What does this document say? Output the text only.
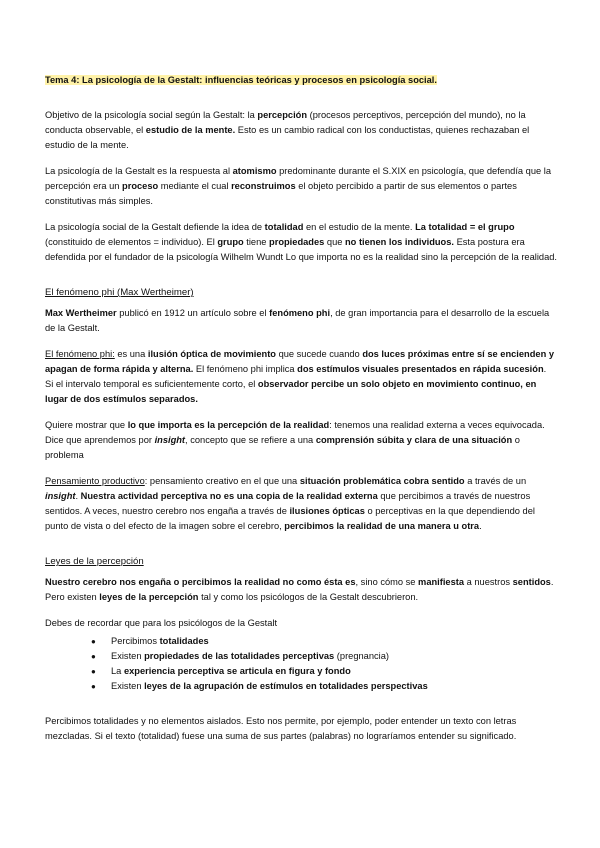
Tema 4: La psicología de la Gestalt: influencias teóricas y procesos en psicología social.

Objetivo de la psicología social según la Gestalt: la percepción (procesos perceptivos, percepción del mundo), no la conducta observable, el estudio de la mente. Esto es un cambio radical con los conductistas, quienes rechazaban el estudio de la mente.

La psicología de la Gestalt es la respuesta al atomismo predominante durante el S.XIX en psicología, que defendía que la percepción era un proceso mediante el cual reconstruimos el objeto percibido a partir de sus elementos o partes constitutivas más simples.

La psicología social de la Gestalt defiende la idea de totalidad en el estudio de la mente. La totalidad = el grupo (constituido de elementos = individuo). El grupo tiene propiedades que no tienen los individuos. Esta postura era defendida por el fundador de la psicología Wilhelm Wundt Lo que importa no es la realidad sino la percepción de la realidad.

El fenómeno phi (Max Wertheimer)

Max Wertheimer publicó en 1912 un artículo sobre el fenómeno phi, de gran importancia para el desarrollo de la escuela de la Gestalt.

El fenómeno phi: es una ilusión óptica de movimiento que sucede cuando dos luces próximas entre sí se encienden y apagan de forma rápida y alterna. El fenómeno phi implica dos estímulos visuales presentados en rápida sucesión. Si el intervalo temporal es suficientemente corto, el observador percibe un solo objeto en movimiento continuo, en lugar de dos estímulos separados.

Quiere mostrar que lo que importa es la percepción de la realidad: tenemos una realidad externa a veces equivocada. Dice que aprendemos por insight, concepto que se refiere a una comprensión súbita y clara de una situación o problema

Pensamiento productivo: pensamiento creativo en el que una situación problemática cobra sentido a través de un insight. Nuestra actividad perceptiva no es una copia de la realidad externa que percibimos a través de nuestros sentidos. A veces, nuestro cerebro nos engaña a través de ilusiones ópticas o perceptivas en la que dependiendo del punto de vista o del efecto de la imagen sobre el cerebro, percibimos la realidad de una manera u otra.

Leyes de la percepción

Nuestro cerebro nos engaña o percibimos la realidad no como ésta es, sino cómo se manifiesta a nuestros sentidos. Pero existen leyes de la percepción tal y como los psicólogos de la Gestalt descubrieron.

Debes de recordar que para los psicólogos de la Gestalt

● Percibimos totalidades
● Existen propiedades de las totalidades perceptivas (pregnancia)
● La experiencia perceptiva se articula en figura y fondo
● Existen leyes de la agrupación de estímulos en totalidades perspectivas

Percibimos totalidades y no elementos aislados. Esto nos permite, por ejemplo, poder entender un texto con letras mezcladas. Si el texto (totalidad) fuese una suma de sus partes (palabras) no lograríamos entender su significado.
